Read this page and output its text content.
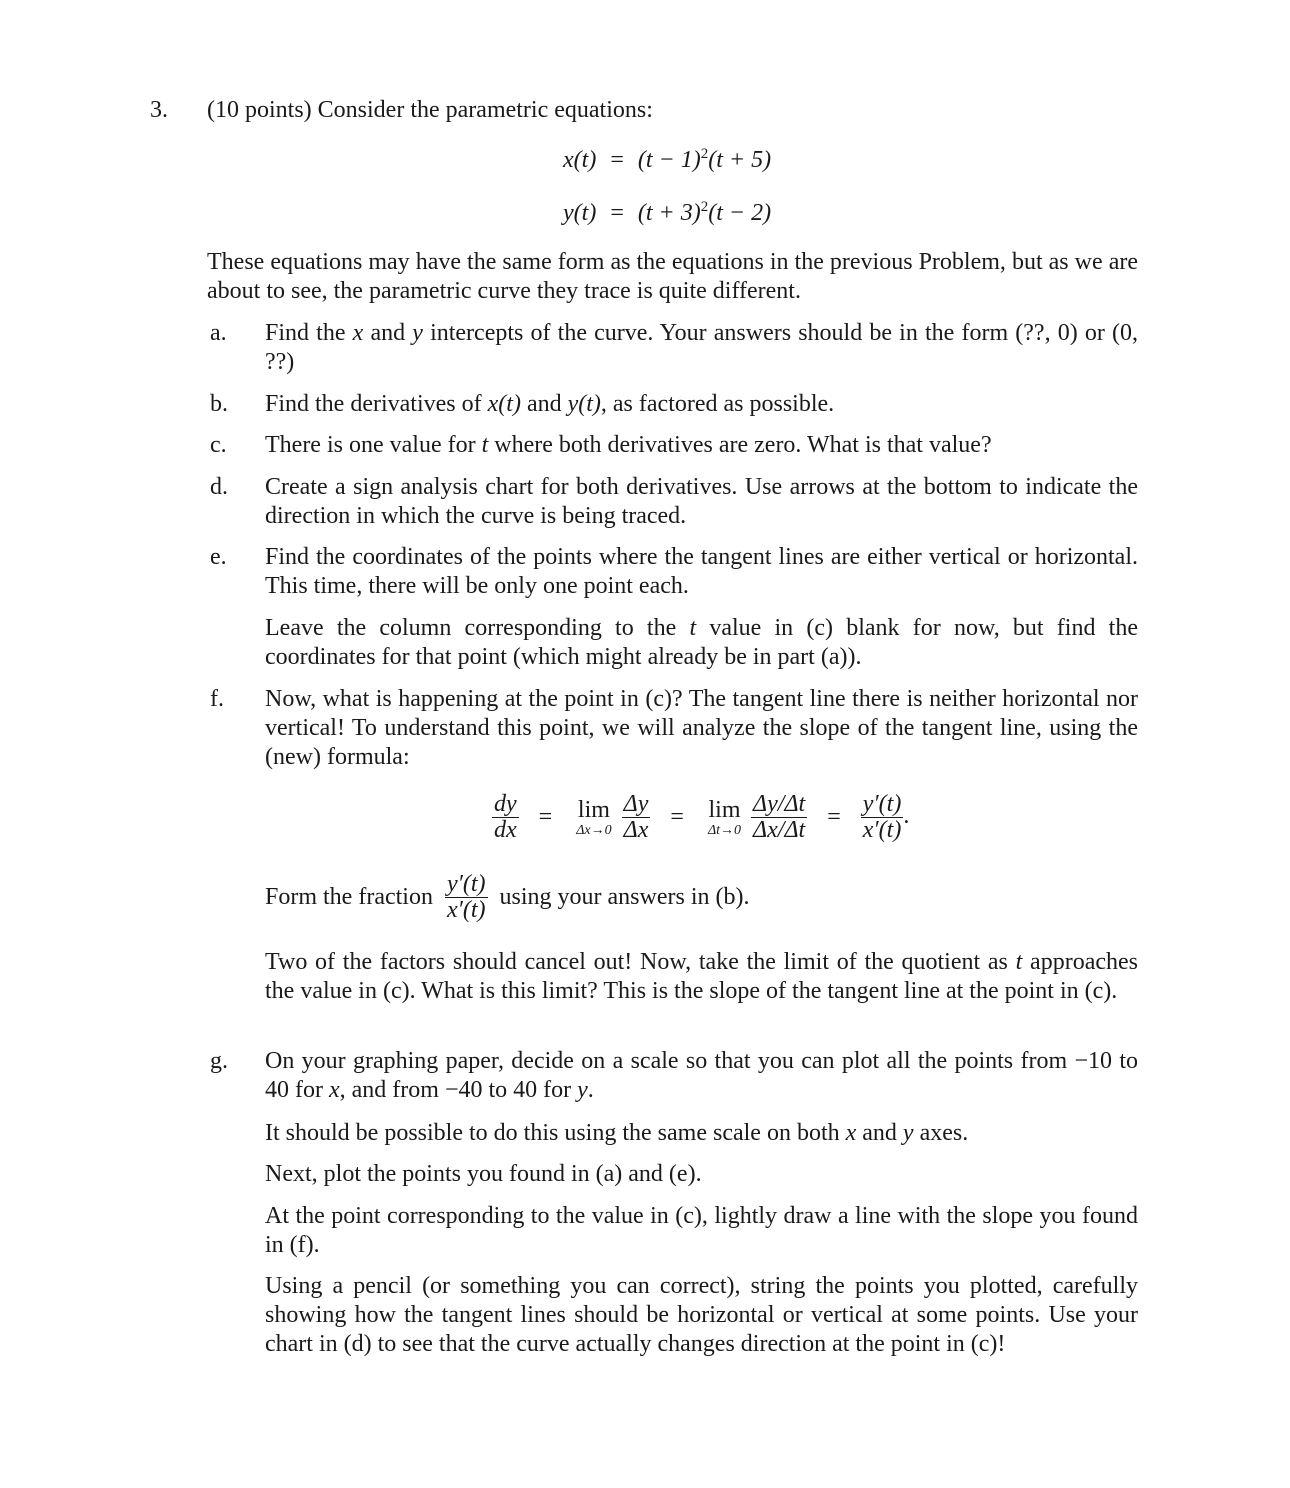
3. (10 points) Consider the parametric equations:
$x(t) = (t - 1)^2(t + 5)$
$y(t) = (t + 3)^2(t - 2)$
These equations may have the same form as the equations in the previous Problem, but as we are about to see, the parametric curve they trace is quite different.
a. Find the x and y intercepts of the curve. Your answers should be in the form (??, 0) or (0, ??)
b. Find the derivatives of x(t) and y(t), as factored as possible.
c. There is one value for t where both derivatives are zero. What is that value?
d. Create a sign analysis chart for both derivatives. Use arrows at the bottom to indicate the direction in which the curve is being traced.
e. Find the coordinates of the points where the tangent lines are either vertical or horizontal. This time, there will be only one point each.
Leave the column corresponding to the t value in (c) blank for now, but find the coordinates for that point (which might already be in part (a)).
f. Now, what is happening at the point in (c)? The tangent line there is neither horizontal nor vertical! To understand this point, we will analyze the slope of the tangent line, using the (new) formula:
$\frac{dy}{dx} = \lim$
Δx→0
$\frac{\Delta y}{\Delta x} = \lim$
Δt→0
$\frac{\Delta y/\Delta t}{\Delta x/\Delta t} = \frac{y'(t)}{x'(t)}$ .
Form the fraction $\frac{y'(t)}{x'(t)}$ using your answers in (b).
Two of the factors should cancel out! Now, take the limit of the quotient as t approaches the value in (c). What is this limit? This is the slope of the tangent line at the point in (c).
g. On your graphing paper, decide on a scale so that you can plot all the points from −10 to 40 for x, and from −40 to 40 for y.
It should be possible to do this using the same scale on both x and y axes.
Next, plot the points you found in (a) and (e).
At the point corresponding to the value in (c), lightly draw a line with the slope you found in (f).
Using a pencil (or something you can correct), string the points you plotted, carefully showing how the tangent lines should be horizontal or vertical at some points. Use your chart in (d) to see that the curve actually changes direction at the point in (c)!
